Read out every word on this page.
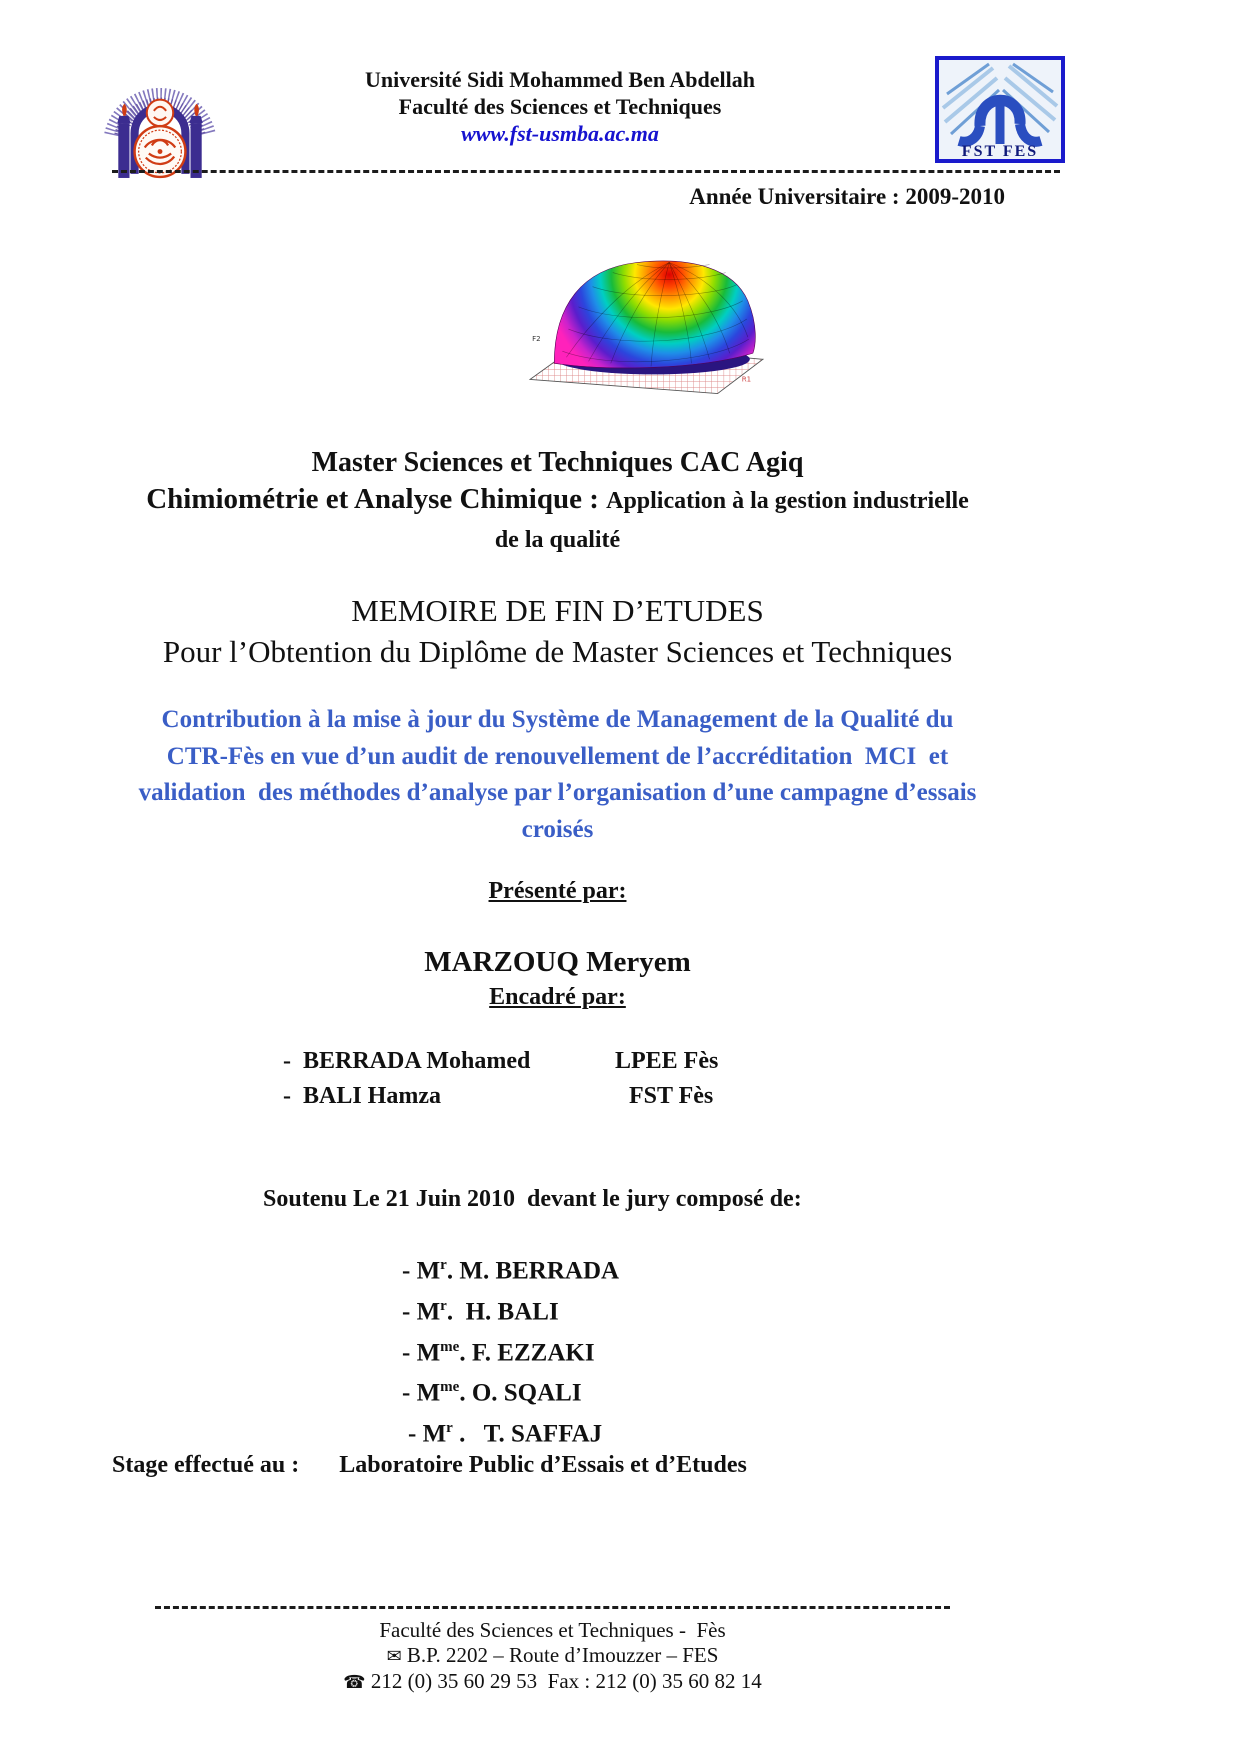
Université Sidi Mohammed Ben Abdellah
Faculté des Sciences et Techniques
www.fst-usmba.ac.ma
FST FES
Année Universitaire : 2009-2010
F2
R1
Master Sciences et Techniques CAC Agiq
Chimiométrie et Analyse Chimique : Application à la gestion industrielle
de la qualité
MEMOIRE DE FIN D’ETUDES
Pour l’Obtention du Diplôme de Master Sciences et Techniques
Contribution à la mise à jour du Système de Management de la Qualité du
CTR-Fès en vue d’un audit de renouvellement de l’accréditation  MCI  et
validation  des méthodes d’analyse par l’organisation d’une campagne d’essais
croisés
Présenté par:
MARZOUQ Meryem
Encadré par:
-  BERRADA Mohamed	LPEE Fès
-  BALI Hamza	FST Fès
Soutenu Le 21 Juin 2010  devant le jury composé de:
- $M^r$. M. BERRADA
- $M^r$.  H. BALI
- $M^{me}$. F. EZZAKI
- $M^{me}$. O. SQALI
- $M^r$ .   T. SAFFAJ
Stage effectué au : Laboratoire Public d’Essais et d’Etudes
Faculté des Sciences et Techniques -  Fès
✉ B.P. 2202 – Route d’Imouzzer – FES
☎ 212 (0) 35 60 29 53  Fax : 212 (0) 35 60 82 14
